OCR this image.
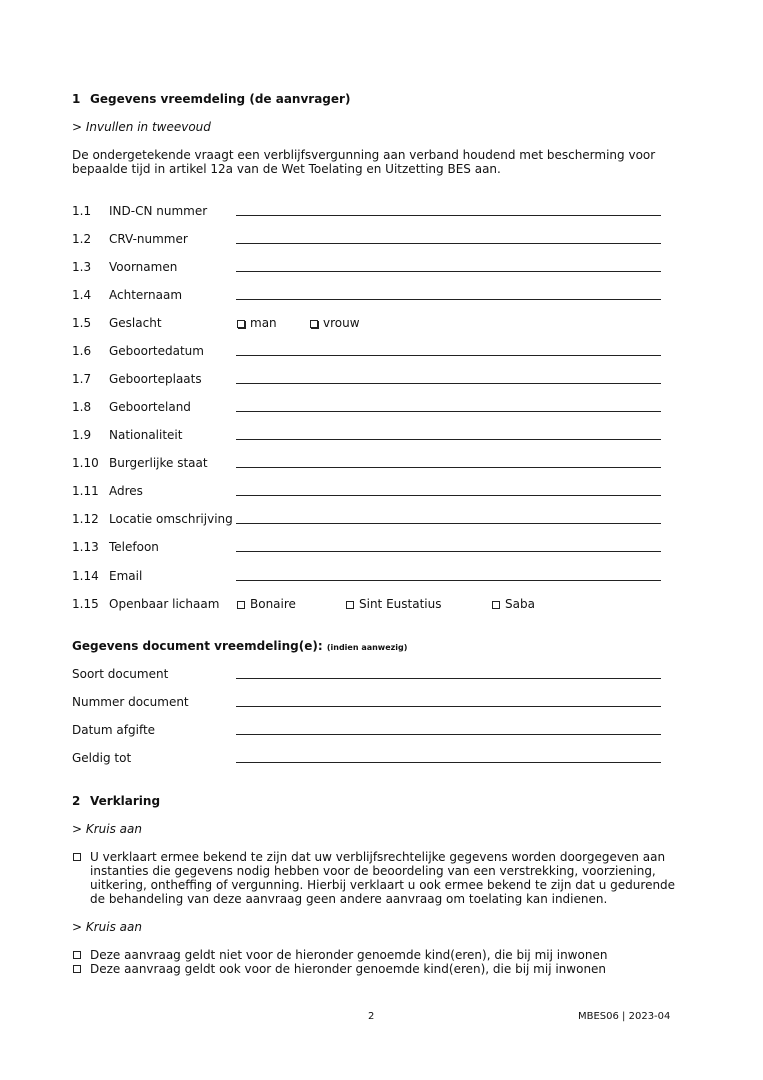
1 Gegevens vreemdeling (de aanvrager)
> Invullen in tweevoud
De ondergetekende vraagt een verblijfsvergunning aan verband houdend met bescherming voor
bepaalde tijd in artikel 12a van de Wet Toelating en Uitzetting BES aan.
1.1 IND-CN nummer
1.2 CRV-nummer
1.3 Voornamen
1.4 Achternaam
1.5 Geslacht	man	vrouw
1.6 Geboortedatum
1.7 Geboorteplaats
1.8 Geboorteland
1.9 Nationaliteit
1.10 Burgerlijke staat
1.11 Adres
1.12 Locatie omschrijving
1.13 Telefoon
1.14 Email
1.15 Openbaar lichaam	Bonaire	Sint Eustatius	Saba
Gegevens document vreemdeling(e): (indien aanwezig)
Soort document
Nummer document
Datum afgifte
Geldig tot
2 Verklaring
> Kruis aan
U verklaart ermee bekend te zijn dat uw verblijfsrechtelijke gegevens worden doorgegeven aan
instanties die gegevens nodig hebben voor de beoordeling van een verstrekking, voorziening,
uitkering, ontheffing of vergunning. Hierbij verklaart u ook ermee bekend te zijn dat u gedurende
de behandeling van deze aanvraag geen andere aanvraag om toelating kan indienen.
> Kruis aan
Deze aanvraag geldt niet voor de hieronder genoemde kind(eren), die bij mij inwonen
Deze aanvraag geldt ook voor de hieronder genoemde kind(eren), die bij mij inwonen
2	MBES06 | 2023-04
